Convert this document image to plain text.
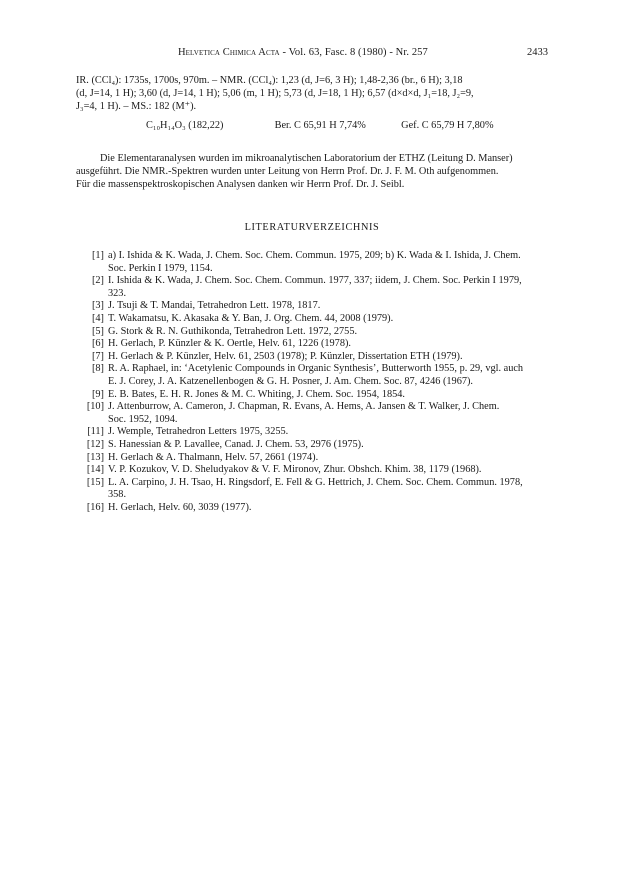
Helvetica Chimica Acta - Vol. 63, Fasc. 8 (1980) - Nr. 257	2433
IR. (CCl₄): 1735s, 1700s, 970m. – NMR. (CCl₄): 1,23 (d, J=6, 3 H); 1,48-2,36 (br., 6 H); 3,18
(d, J=14, 1 H); 3,60 (d, J=14, 1 H); 5,06 (m, 1 H); 5,73 (d, J=18, 1 H); 6,57 (d×d×d, J₁=18, J₂=9,
J₃=4, 1 H). – MS.: 182 (M⁺).
C₁₀H₁₄O₃ (182,22)	Ber. C 65,91 H 7,74%	Gef. C 65,79 H 7,80%
Die Elementaranalysen wurden im mikroanalytischen Laboratorium der ETHZ (Leitung D. Manser)
ausgeführt. Die NMR.-Spektren wurden unter Leitung von Herrn Prof. Dr. J. F. M. Oth aufgenommen.
Für die massenspektroskopischen Analysen danken wir Herrn Prof. Dr. J. Seibl.
LITERATURVERZEICHNIS
[1] a) I. Ishida & K. Wada, J. Chem. Soc. Chem. Commun. 1975, 209; b) K. Wada & I. Ishida, J. Chem.
Soc. Perkin I 1979, 1154.
[2] I. Ishida & K. Wada, J. Chem. Soc. Chem. Commun. 1977, 337; iidem, J. Chem. Soc. Perkin I 1979,
323.
[3] J. Tsuji & T. Mandai, Tetrahedron Lett. 1978, 1817.
[4] T. Wakamatsu, K. Akasaka & Y. Ban, J. Org. Chem. 44, 2008 (1979).
[5] G. Stork & R. N. Guthikonda, Tetrahedron Lett. 1972, 2755.
[6] H. Gerlach, P. Künzler & K. Oertle, Helv. 61, 1226 (1978).
[7] H. Gerlach & P. Künzler, Helv. 61, 2503 (1978); P. Künzler, Dissertation ETH (1979).
[8] R. A. Raphael, in: ‘Acetylenic Compounds in Organic Synthesis’, Butterworth 1955, p. 29, vgl. auch
E. J. Corey, J. A. Katzenellenbogen & G. H. Posner, J. Am. Chem. Soc. 87, 4246 (1967).
[9] E. B. Bates, E. H. R. Jones & M. C. Whiting, J. Chem. Soc. 1954, 1854.
[10] J. Attenburrow, A. Cameron, J. Chapman, R. Evans, A. Hems, A. Jansen & T. Walker, J. Chem.
Soc. 1952, 1094.
[11] J. Wemple, Tetrahedron Letters 1975, 3255.
[12] S. Hanessian & P. Lavallee, Canad. J. Chem. 53, 2976 (1975).
[13] H. Gerlach & A. Thalmann, Helv. 57, 2661 (1974).
[14] V. P. Kozukov, V. D. Sheludyakov & V. F. Mironov, Zhur. Obshch. Khim. 38, 1179 (1968).
[15] L. A. Carpino, J. H. Tsao, H. Ringsdorf, E. Fell & G. Hettrich, J. Chem. Soc. Chem. Commun. 1978,
358.
[16] H. Gerlach, Helv. 60, 3039 (1977).
